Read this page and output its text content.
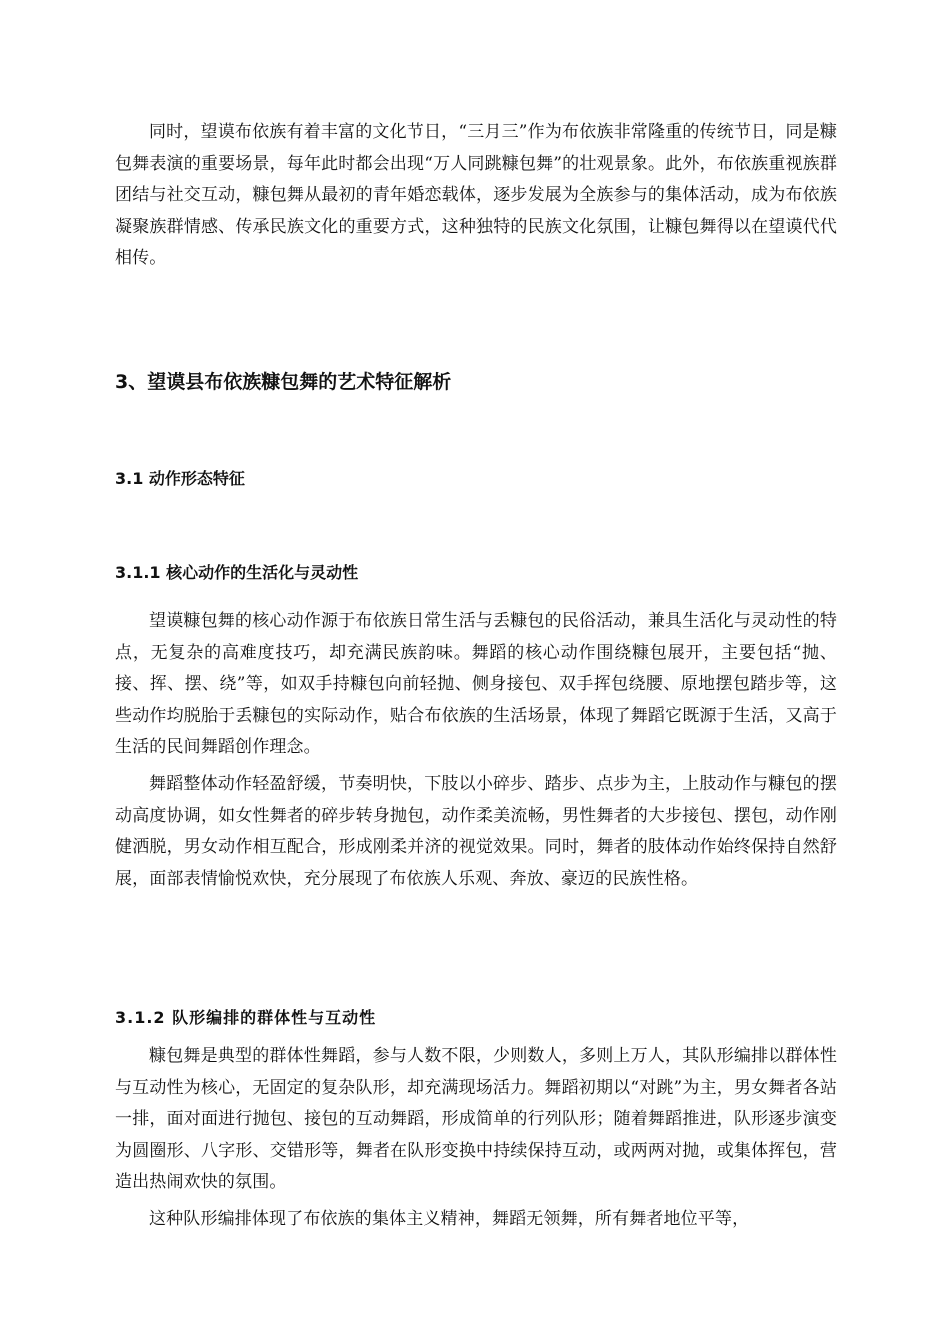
同时，望谟布依族有着丰富的文化节日，“三月三”作为布依族非常隆重的传统节日，同是糠包舞表演的重要场景，每年此时都会出现“万人同跳糠包舞”的壮观景象。此外，布依族重视族群团结与社交互动，糠包舞从最初的青年婚恋载体，逐步发展为全族参与的集体活动，成为布依族凝聚族群情感、传承民族文化的重要方式，这种独特的民族文化氛围，让糠包舞得以在望谟代代相传。

3、望谟县布依族糠包舞的艺术特征解析
3.1 动作形态特征
3.1.1 核心动作的生活化与灵动性

望谟糠包舞的核心动作源于布依族日常生活与丢糠包的民俗活动，兼具生活化与灵动性的特点，无复杂的高难度技巧，却充满民族韵味。舞蹈的核心动作围绕糠包展开，主要包括“抛、接、挥、摆、绕”等，如双手持糠包向前轻抛、侧身接包、双手挥包绕腰、原地摆包踏步等，这些动作均脱胎于丢糠包的实际动作，贴合布依族的生活场景，体现了舞蹈它既源于生活，又高于生活的民间舞蹈创作理念。

舞蹈整体动作轻盈舒缓，节奏明快，下肢以小碎步、踏步、点步为主，上肢动作与糠包的摆动高度协调，如女性舞者的碎步转身抛包，动作柔美流畅，男性舞者的大步接包、摆包，动作刚健洒脱，男女动作相互配合，形成刚柔并济的视觉效果。同时，舞者的肢体动作始终保持自然舒展，面部表情愉悦欢快，充分展现了布依族人乐观、奔放、豪迈的民族性格。

3.1.2 队形编排的群体性与互动性

糠包舞是典型的群体性舞蹈，参与人数不限，少则数人，多则上万人，其队形编排以群体性与互动性为核心，无固定的复杂队形，却充满现场活力。舞蹈初期以“对跳”为主，男女舞者各站一排，面对面进行抛包、接包的互动舞蹈，形成简单的行列队形；随着舞蹈推进，队形逐步演变为圆圈形、八字形、交错形等，舞者在队形变换中持续保持互动，或两两对抛，或集体挥包，营造出热闹欢快的氛围。

这种队形编排体现了布依族的集体主义精神，舞蹈无领舞，所有舞者地位平等，
